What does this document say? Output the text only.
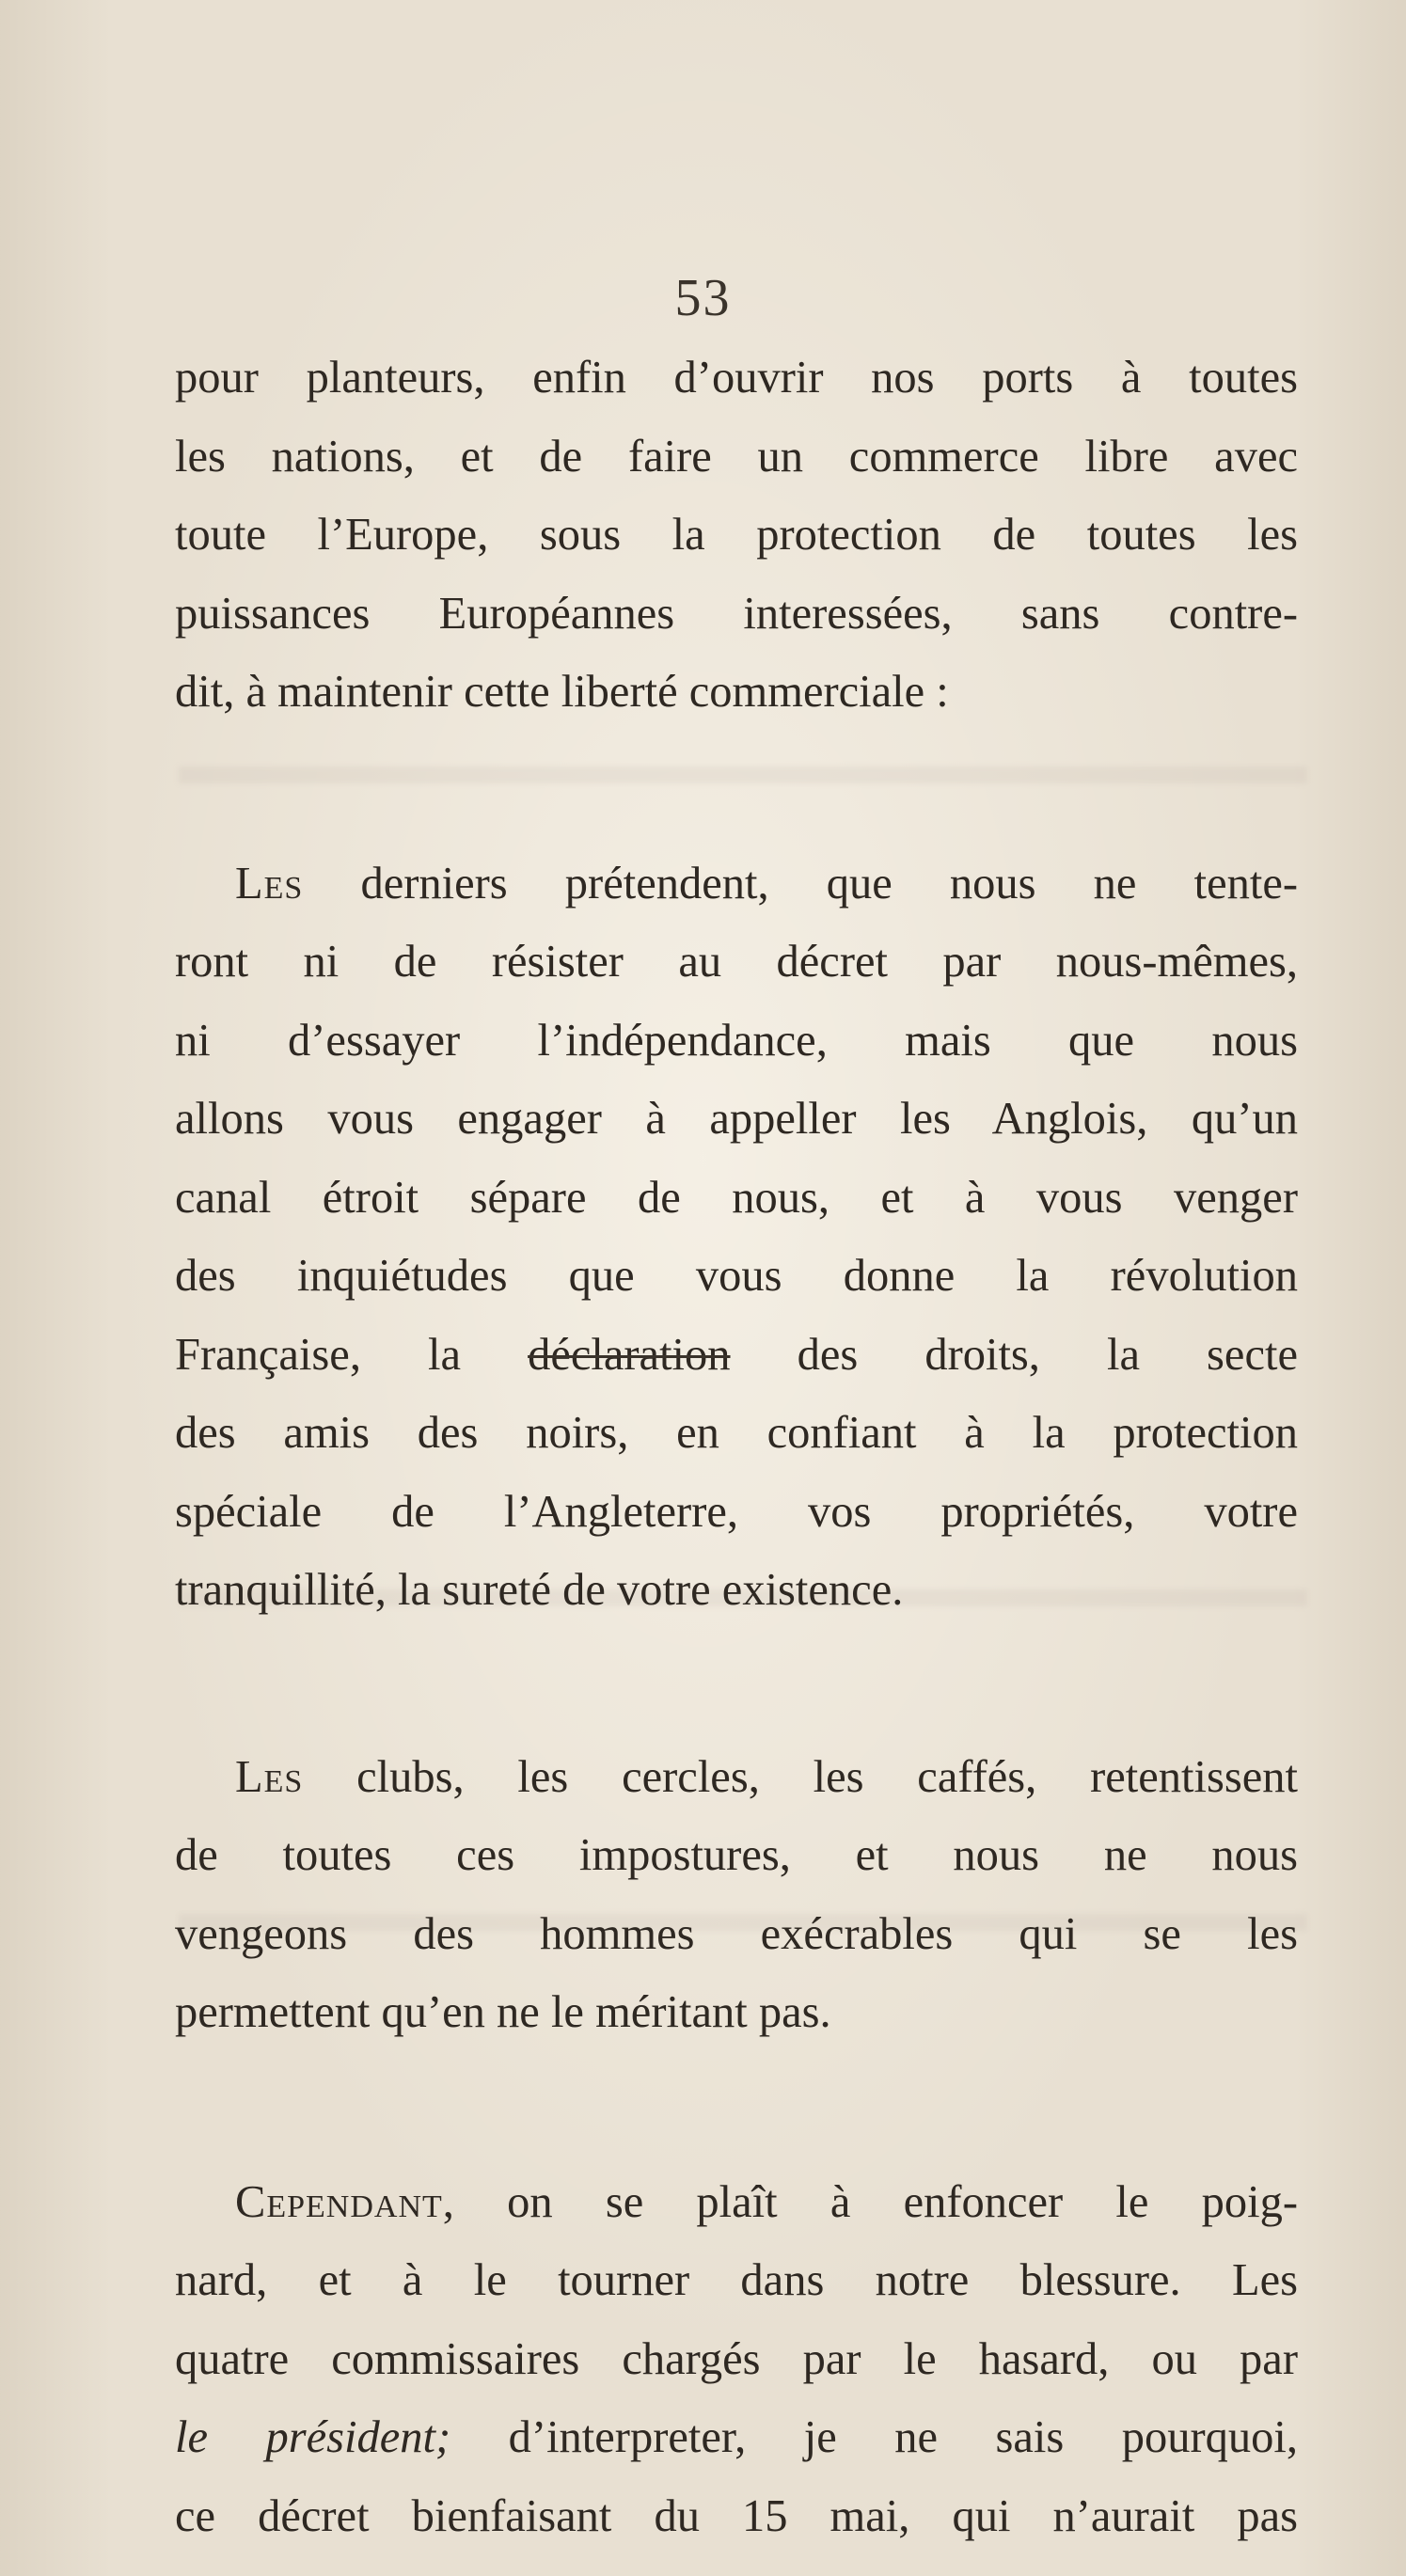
53

pour planteurs, enfin d’ouvrir nos ports à toutes
les nations, et de faire un commerce libre avec
toute l’Europe, sous la protection de toutes les
puissances Européannes interessées, sans contre-
dit, à maintenir cette liberté commerciale :

Les derniers prétendent, que nous ne tente-
ront ni de résister au décret par nous-mêmes,
ni d’essayer l’indépendance, mais que nous
allons vous engager à appeller les Anglois, qu’un
canal étroit sépare de nous, et à vous venger
des inquiétudes que vous donne la révolution
Française, la déclaration des droits, la secte
des amis des noirs, en confiant à la protection
spéciale de l’Angleterre, vos propriétés, votre
tranquillité, la sureté de votre existence.

Les clubs, les cercles, les caffés, retentissent
de toutes ces impostures, et nous ne nous
vengeons des hommes exécrables qui se les
permettent qu’en ne le méritant pas.

Cependant, on se plaît à enfoncer le poig-
nard, et à le tourner dans notre blessure. Les
quatre commissaires chargés par le hasard, ou par
le président; d’interpreter, je ne sais pourquoi,
ce décret bienfaisant du 15 mai, qui n’aurait pas
